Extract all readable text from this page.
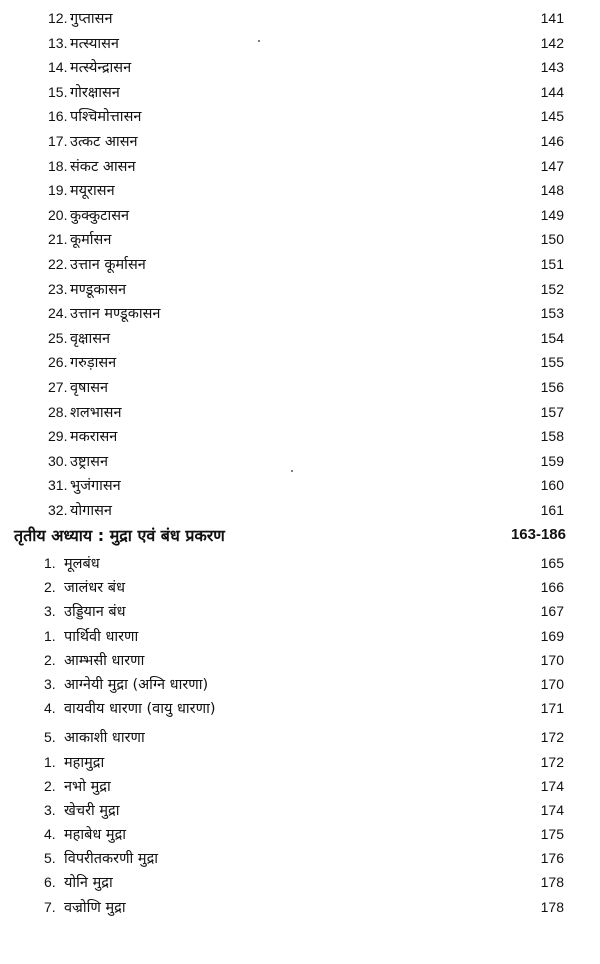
12. गुप्तासन	141
13. मत्स्यासन	142
14. मत्स्येन्द्रासन	143
15. गोरक्षासन	144
16. पश्चिमोत्तासन	145
17. उत्कट आसन	146
18. संकट आसन	147
19. मयूरासन	148
20. कुक्कुटासन	149
21. कूर्मासन	150
22. उत्तान कूर्मासन	151
23. मण्डूकासन	152
24. उत्तान मण्डूकासन	153
25. वृक्षासन	154
26. गरुड़ासन	155
27. वृषासन	156
28. शलभासन	157
29. मकरासन	158
30. उष्ट्रासन	159
31. भुजंगासन	160
32. योगासन	161
तृतीय अध्याय : मुद्रा एवं बंध प्रकरण	163-186
1. मूलबंध	165
2. जालंधर बंध	166
3. उड्डियान बंध	167
1. पार्थिवी धारणा	169
2. आम्भसी धारणा	170
3. आग्नेयी मुद्रा (अग्नि धारणा)	170
4. वायवीय धारणा (वायु धारणा)	171
5. आकाशी धारणा	172
1. महामुद्रा	172
2. नभो मुद्रा	174
3. खेचरी मुद्रा	174
4. महाबेध मुद्रा	175
5. विपरीतकरणी मुद्रा	176
6. योनि मुद्रा	178
7. वज्रोणि मुद्रा	178
